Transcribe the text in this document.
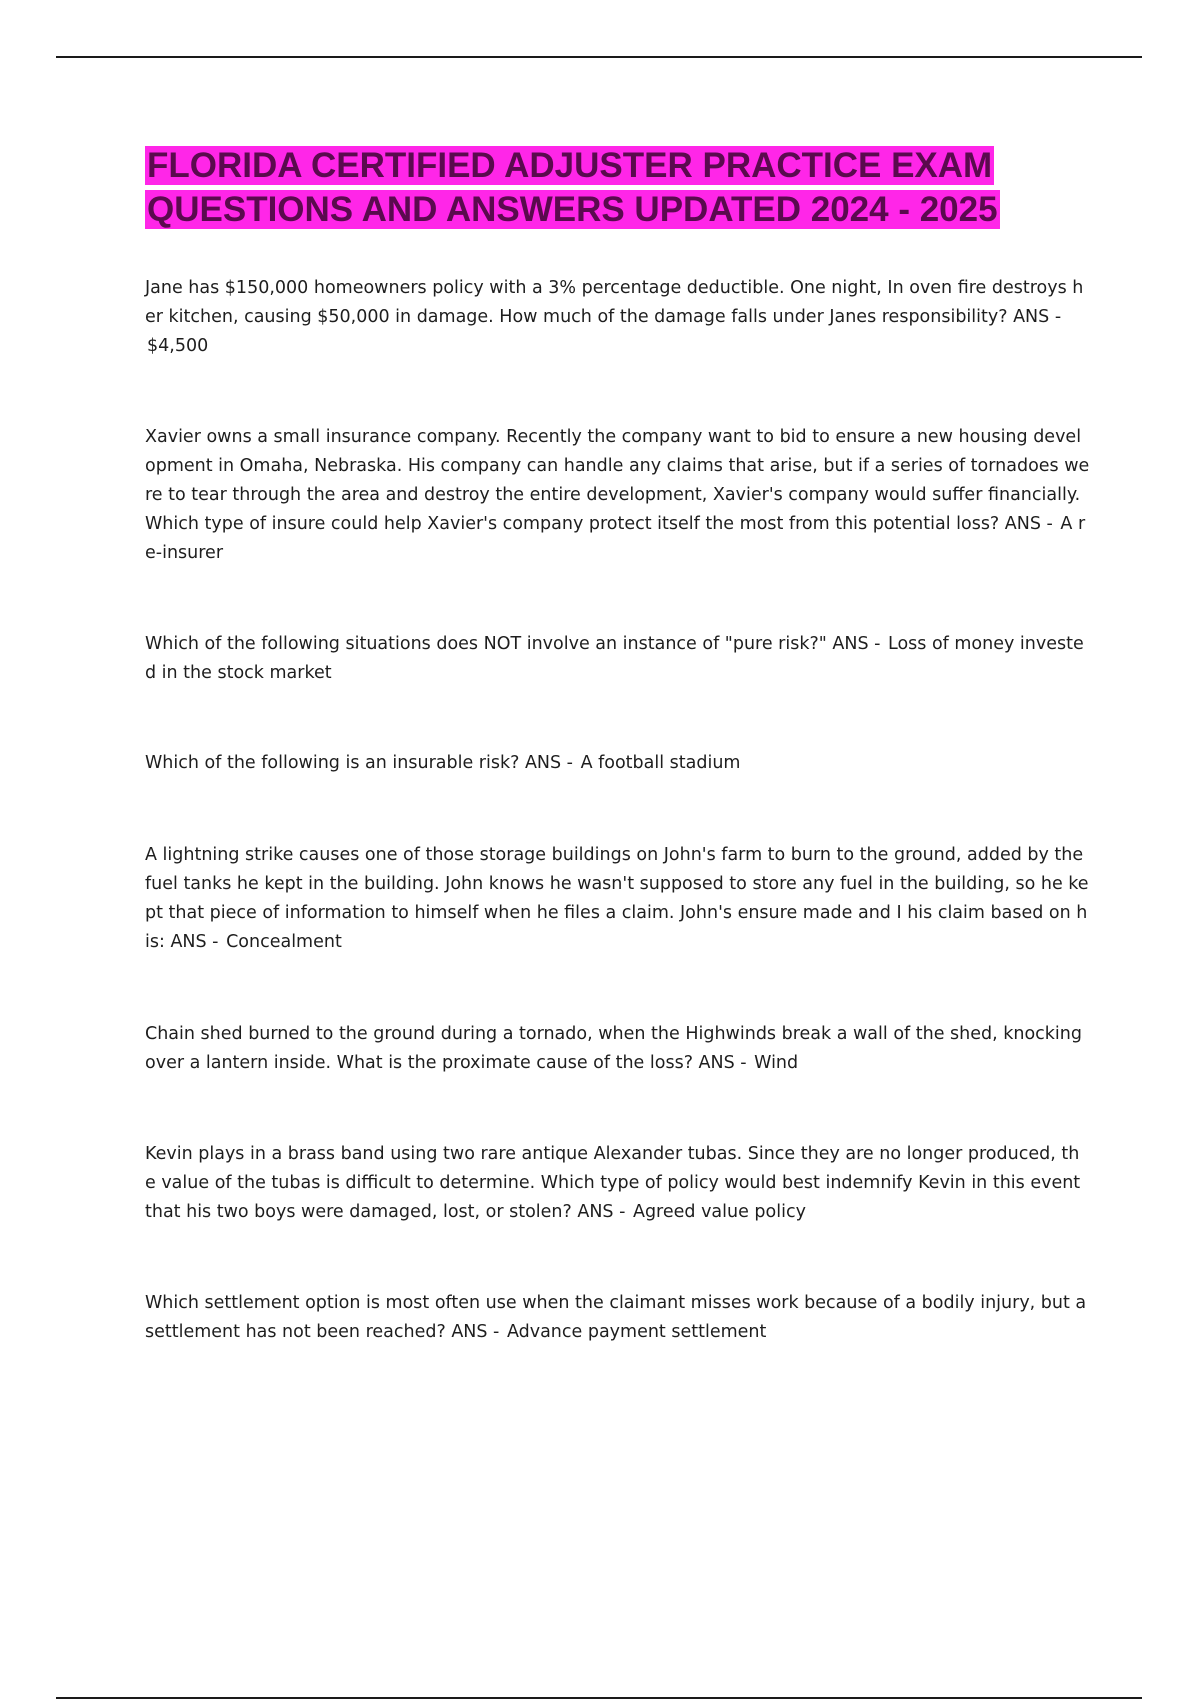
FLORIDA CERTIFIED ADJUSTER PRACTICE EXAM
QUESTIONS AND ANSWERS UPDATED 2024 - 2025

Jane has $150,000 homeowners policy with a 3% percentage deductible. One night, In oven fire destroys her kitchen, causing $50,000 in damage. How much of the damage falls under Janes responsibility? ANS - $4,500

Xavier owns a small insurance company. Recently the company want to bid to ensure a new housing development in Omaha, Nebraska. His company can handle any claims that arise, but if a series of tornadoes were to tear through the area and destroy the entire development, Xavier's company would suffer financially. Which type of insure could help Xavier's company protect itself the most from this potential loss? ANS - A re-insurer

Which of the following situations does NOT involve an instance of "pure risk?" ANS - Loss of money invested in the stock market

Which of the following is an insurable risk? ANS - A football stadium

A lightning strike causes one of those storage buildings on John's farm to burn to the ground, added by the fuel tanks he kept in the building. John knows he wasn't supposed to store any fuel in the building, so he kept that piece of information to himself when he files a claim. John's ensure made and I his claim based on his: ANS - Concealment

Chain shed burned to the ground during a tornado, when the Highwinds break a wall of the shed, knocking over a lantern inside. What is the proximate cause of the loss? ANS - Wind

Kevin plays in a brass band using two rare antique Alexander tubas. Since they are no longer produced, the value of the tubas is difficult to determine. Which type of policy would best indemnify Kevin in this event that his two boys were damaged, lost, or stolen? ANS - Agreed value policy

Which settlement option is most often use when the claimant misses work because of a bodily injury, but a settlement has not been reached? ANS - Advance payment settlement
